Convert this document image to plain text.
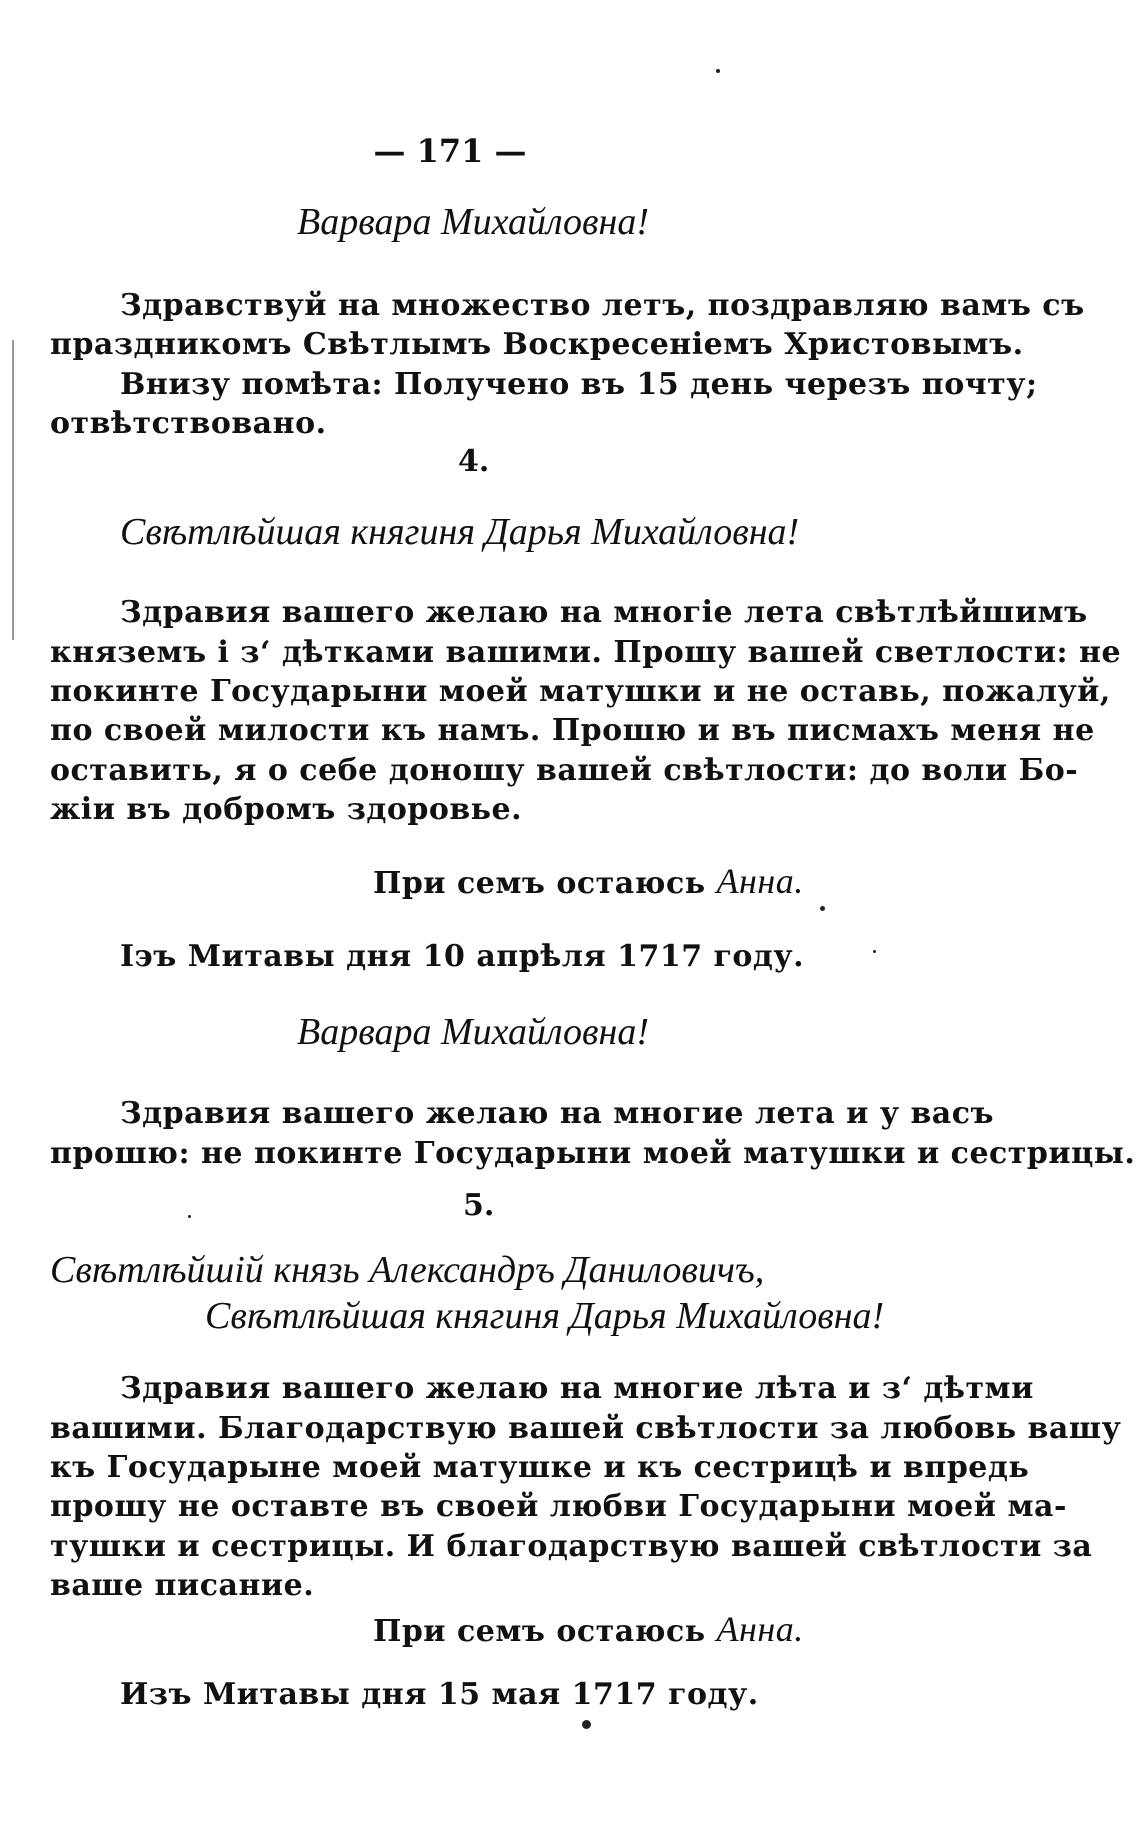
— 171 —
Варвара Михайловна!
Здравствуй на множество летъ, поздравляю вамъ съ
праздникомъ Свѣтлымъ Воскресенiемъ Христовымъ.
Внизу помѣта: Получено въ 15 день черезъ почту;
отвѣтствовано.
4.
Свѣтлѣйшая княгиня Дарья Михайловна!
Здравия вашего желаю на многiе лета свѣтлѣйшимъ
княземъ і з‘ дѣтками вашими. Прошу вашей светлости: не
покинте Государыни моей матушки и не оставь, пожалуй,
по своей милости къ намъ. Прошю и въ писмахъ меня не
оставить, я о себе доношу вашей свѣтлости: до воли Бо-
жiи въ добромъ здоровье.
При семъ остаюсь Анна.
Іэъ Митавы дня 10 апрѣля 1717 году.
Варвара Михайловна!
Здравия вашего желаю на многие лета и у васъ
прошю: не покинте Государыни моей матушки и сестрицы.
5.
Свѣтлѣйшiй князь Александръ Даниловичъ,
Свѣтлѣйшая княгиня Дарья Михайловна!
Здравия вашего желаю на многие лѣта и з‘ дѣтми
вашими. Благодарствую вашей свѣтлости за любовь вашу
къ Государыне моей матушке и къ сестрицѣ и впредь
прошу не оставте въ своей любви Государыни моей ма-
тушки и сестрицы. И благодарствую вашей свѣтлости за
ваше писание.
При семъ остаюсь Анна.
Изъ Митавы дня 15 мая 1717 году.
